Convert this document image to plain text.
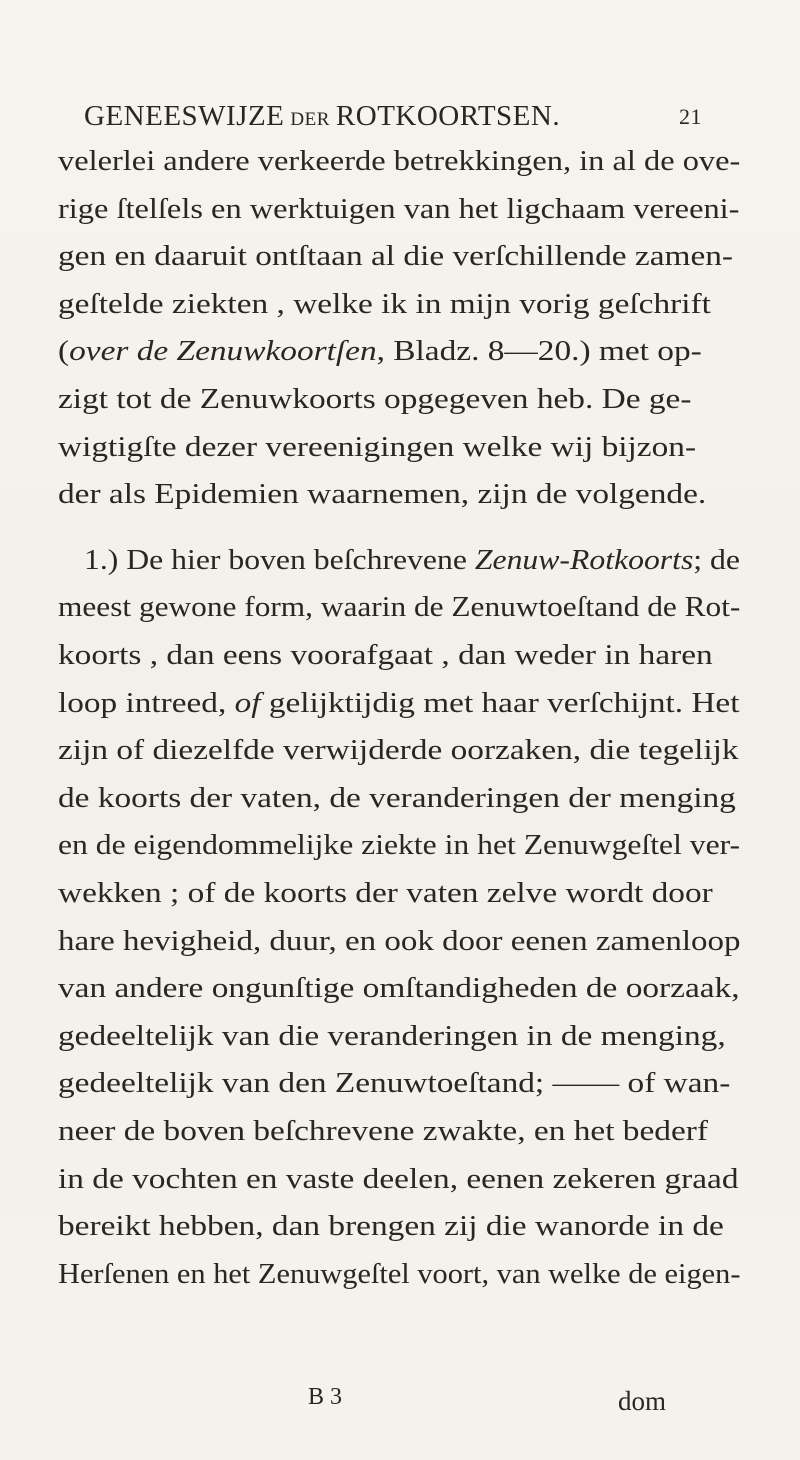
GENEESWIJZE DER ROTKOORTSEN.	21
velerlei andere verkeerde betrekkingen, in al de ove-
rige ſtelſels en werktuigen van het ligchaam vereeni-
gen en daaruit ontſtaan al die verſchillende zamen-
geſtelde ziekten , welke ik in mijn vorig geſchrift
(over de Zenuwkoortſen, Bladz. 8—20.) met op-
zigt tot de Zenuwkoorts opgegeven heb. De ge-
wigtigſte dezer vereenigingen welke wij bijzon-
der als Epidemien waarnemen, zijn de volgende.
1.) De hier boven beſchrevene Zenuw-Rotkoorts; de
meest gewone form, waarin de Zenuwtoeſtand de Rot-
koorts , dan eens voorafgaat , dan weder in haren
loop intreed, of gelijktijdig met haar verſchijnt. Het
zijn of diezelfde verwijderde oorzaken, die tegelijk
de koorts der vaten, de veranderingen der menging
en de eigendommelijke ziekte in het Zenuwgeſtel ver-
wekken ; of de koorts der vaten zelve wordt door
hare hevigheid, duur, en ook door eenen zamenloop
van andere ongunſtige omſtandigheden de oorzaak,
gedeeltelijk van die veranderingen in de menging,
gedeeltelijk van den Zenuwtoeſtand; —— of wan-
neer de boven beſchrevene zwakte, en het bederf
in de vochten en vaste deelen, eenen zekeren graad
bereikt hebben, dan brengen zij die wanorde in de
Herſenen en het Zenuwgeſtel voort, van welke de eigen-
B 3	dom
